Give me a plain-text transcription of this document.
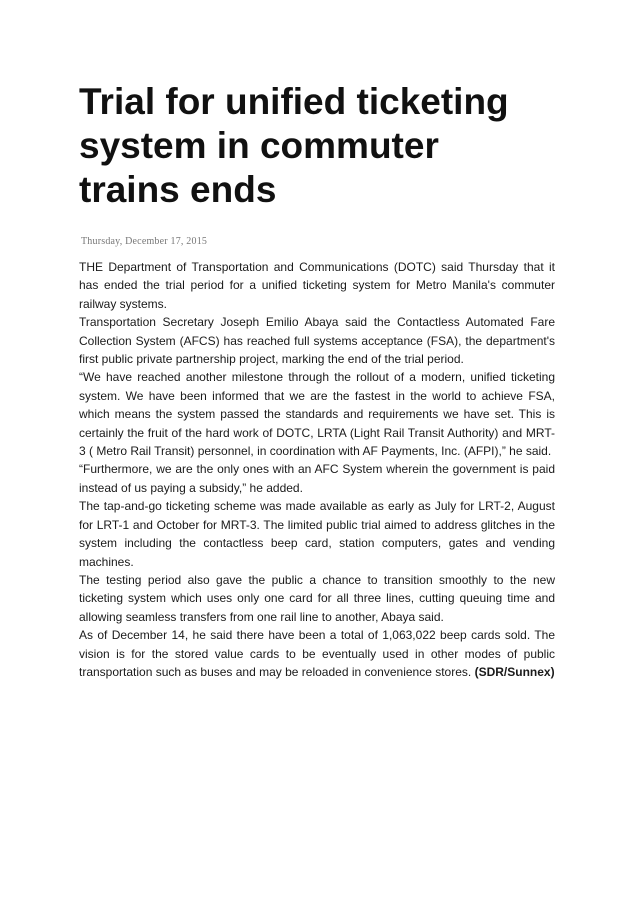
Trial for unified ticketing
system in commuter
trains ends
Thursday, December 17, 2015

THE Department of Transportation and Communications (DOTC) said Thursday that it has ended the trial period for a unified ticketing system for Metro Manila's commuter railway systems.

Transportation Secretary Joseph Emilio Abaya said the Contactless Automated Fare Collection System (AFCS) has reached full systems acceptance (FSA), the department's first public private partnership project, marking the end of the trial period.

“We have reached another milestone through the rollout of a modern, unified ticketing system. We have been informed that we are the fastest in the world to achieve FSA, which means the system passed the standards and requirements we have set. This is certainly the fruit of the hard work of DOTC, LRTA (Light Rail Transit Authority) and MRT-3 ( Metro Rail Transit) personnel, in coordination with AF Payments, Inc. (AFPI),” he said.

“Furthermore, we are the only ones with an AFC System wherein the government is paid instead of us paying a subsidy,” he added.

The tap-and-go ticketing scheme was made available as early as July for LRT-2, August for LRT-1 and October for MRT-3. The limited public trial aimed to address glitches in the system including the contactless beep card, station computers, gates and vending machines.

The testing period also gave the public a chance to transition smoothly to the new ticketing system which uses only one card for all three lines, cutting queuing time and allowing seamless transfers from one rail line to another, Abaya said.

As of December 14, he said there have been a total of 1,063,022 beep cards sold. The vision is for the stored value cards to be eventually used in other modes of public transportation such as buses and may be reloaded in convenience stores. (SDR/Sunnex)
